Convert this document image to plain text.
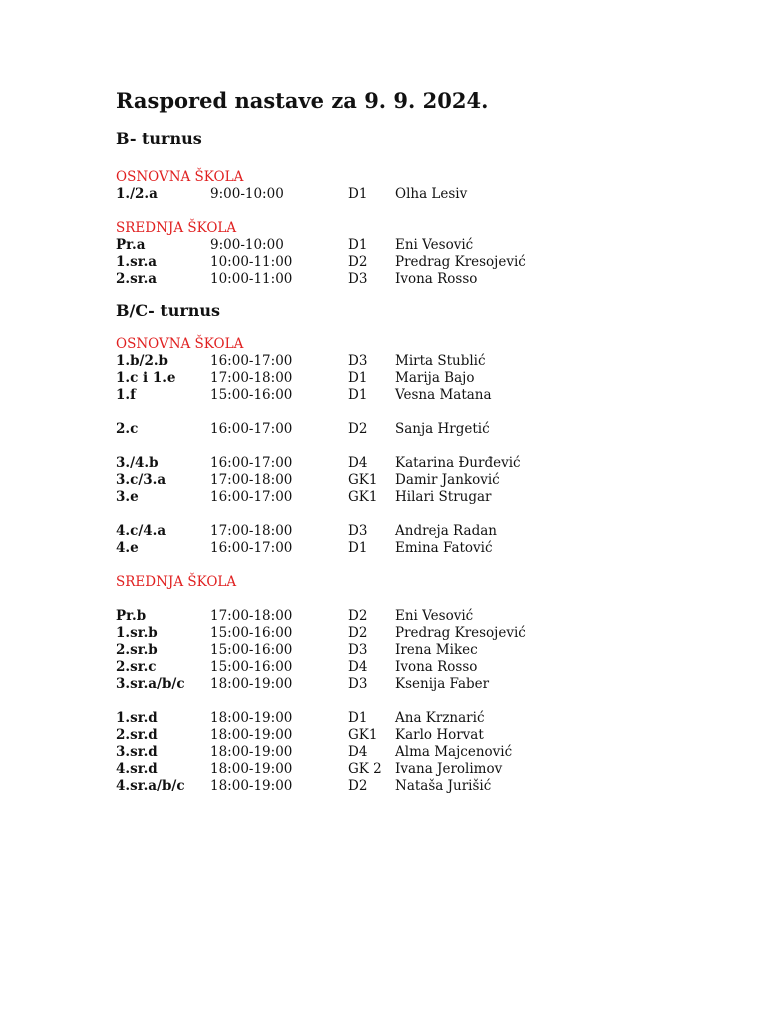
Raspored nastave za 9. 9. 2024.
B- turnus
OSNOVNA ŠKOLA
1./2.a	9:00-10:00	D1 Olha Lesiv
SREDNJA ŠKOLA
Pr.a	9:00-10:00	D1 Eni Vesović
1.sr.a	10:00-11:00	D2 Predrag Kresojević
2.sr.a	10:00-11:00	D3 Ivona Rosso
B/C- turnus
OSNOVNA ŠKOLA
1.b/2.b	16:00-17:00	D3 Mirta Stublić
1.c i 1.e	17:00-18:00	D1 Marija Bajo
1.f	15:00-16:00	D1 Vesna Matana
2.c	16:00-17:00	D2 Sanja Hrgetić
3./4.b	16:00-17:00	D4 Katarina Đurđević
3.c/3.a	17:00-18:00	GK1 Damir Janković
3.e	16:00-17:00	GK1 Hilari Strugar
4.c/4.a	17:00-18:00	D3 Andreja Radan
4.e	16:00-17:00	D1 Emina Fatović
SREDNJA ŠKOLA
Pr.b	17:00-18:00	D2 Eni Vesović
1.sr.b	15:00-16:00	D2 Predrag Kresojević
2.sr.b	15:00-16:00	D3 Irena Mikec
2.sr.c	15:00-16:00	D4 Ivona Rosso
3.sr.a/b/c 18:00-19:00	D3 Ksenija Faber
1.sr.d	18:00-19:00	D1 Ana Krznarić
2.sr.d	18:00-19:00	GK1 Karlo Horvat
3.sr.d	18:00-19:00	D4 Alma Majcenović
4.sr.d	18:00-19:00	GK 2 Ivana Jerolimov
4.sr.a/b/c 18:00-19:00	D2 Nataša Jurišić
